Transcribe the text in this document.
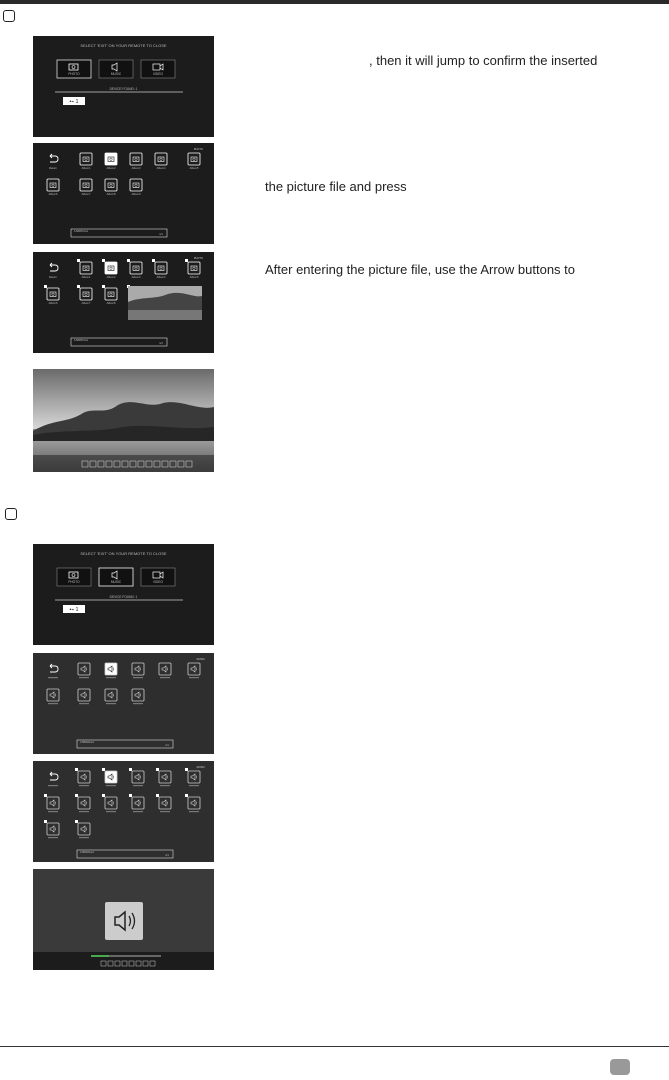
SELECT 'EXIT' ON YOUR REMOTE TO CLOSE
PHOTO	MUSIC	VIDEO
DEVICE FOUND: 1
•⌁ 1
, then it will jump to confirm the inserted
Return	Album1	Album2	Album3	Album4	Album5
Album6	Album7	Album8	Album9
PHOTO
/USB/Photo/
1/1
the picture file and press
Return	Album1	Album2	Album3	Album4	Album5
Album6	Album7	Album8
PHOTO
/USB/Photo/
1/1
After entering the picture file, use the Arrow buttons to
SELECT 'EXIT' ON YOUR REMOTE TO CLOSE
PHOTO	MUSIC	VIDEO
DEVICE FOUND: 1
•⌁ 1
MUSIC
/USB/Music/
1/1
MUSIC
/USB/Music/
1/1
